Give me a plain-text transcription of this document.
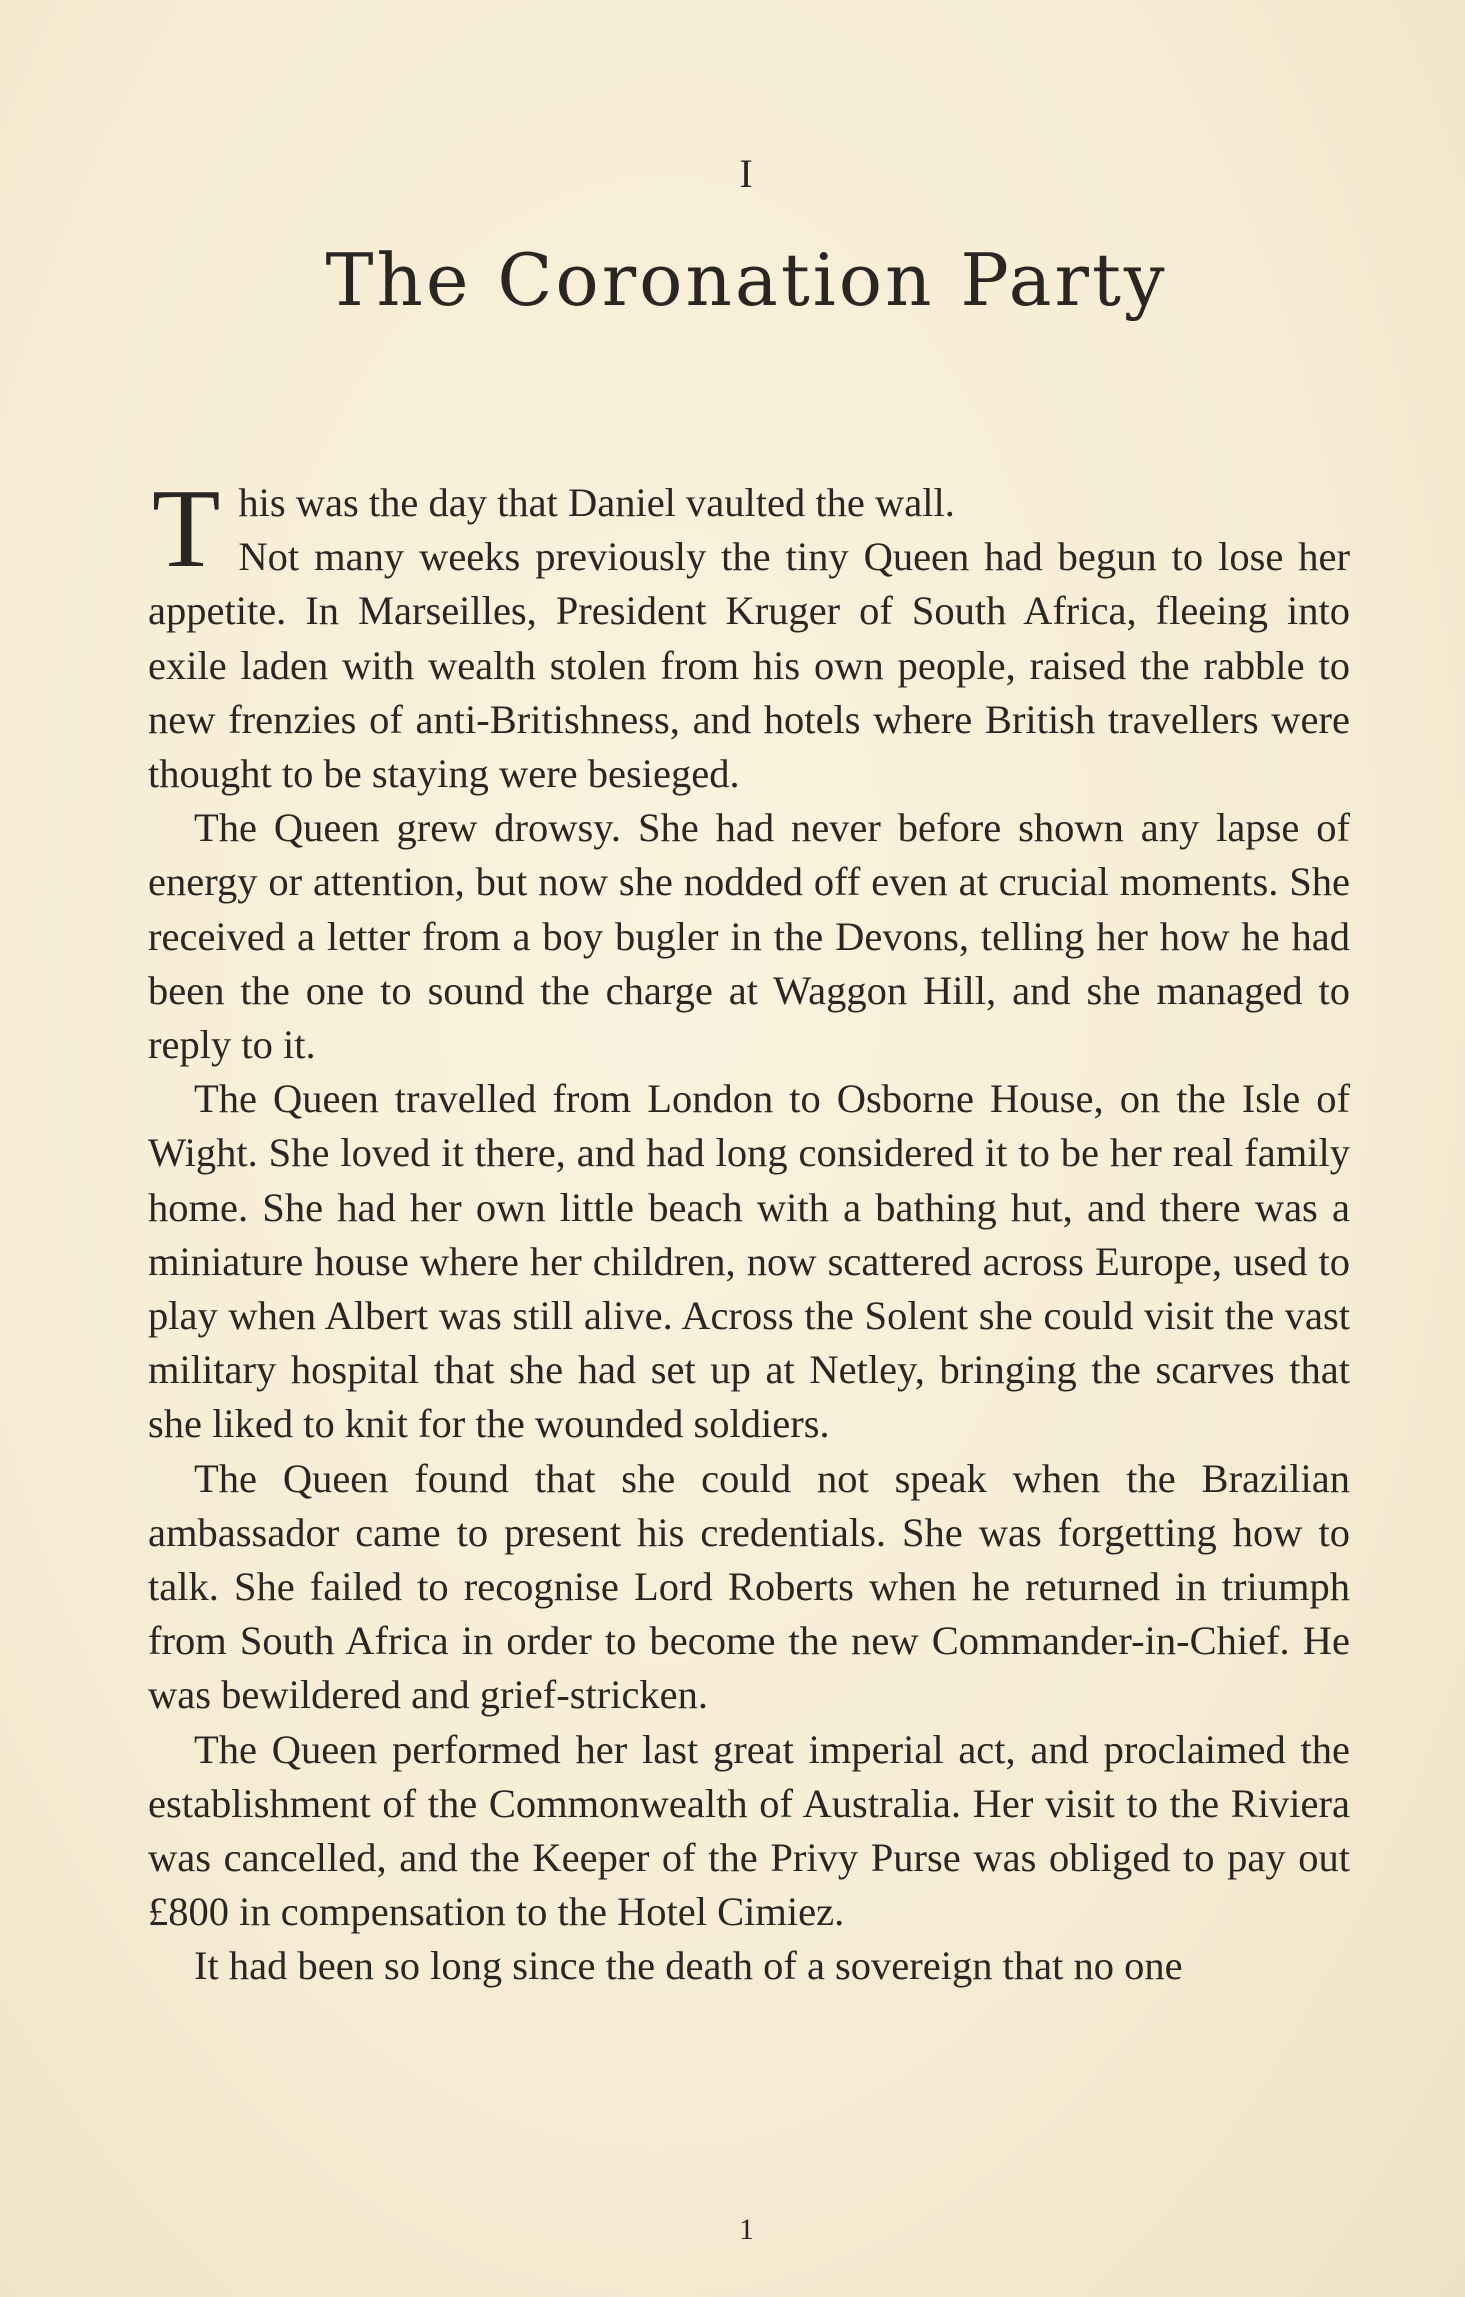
I
The Coronation Party

This was the day that Daniel vaulted the wall.
Not many weeks previously the tiny Queen had begun to lose her appetite. In Marseilles, President Kruger of South Africa, fleeing into exile laden with wealth stolen from his own people, raised the rabble to new frenzies of anti-Britishness, and hotels where British travellers were thought to be staying were besieged.

The Queen grew drowsy. She had never before shown any lapse of energy or attention, but now she nodded off even at crucial moments. She received a letter from a boy bugler in the Devons, telling her how he had been the one to sound the charge at Waggon Hill, and she managed to reply to it.

The Queen travelled from London to Osborne House, on the Isle of Wight. She loved it there, and had long considered it to be her real family home. She had her own little beach with a bathing hut, and there was a miniature house where her children, now scattered across Europe, used to play when Albert was still alive. Across the Solent she could visit the vast military hospital that she had set up at Netley, bringing the scarves that she liked to knit for the wounded soldiers.

The Queen found that she could not speak when the Brazilian ambassador came to present his credentials. She was forgetting how to talk. She failed to recognise Lord Roberts when he returned in triumph from South Africa in order to become the new Commander-in-Chief. He was bewildered and grief-stricken.

The Queen performed her last great imperial act, and proclaimed the establishment of the Commonwealth of Australia. Her visit to the Riviera was cancelled, and the Keeper of the Privy Purse was obliged to pay out £800 in compensation to the Hotel Cimiez.

It had been so long since the death of a sovereign that no one

1
